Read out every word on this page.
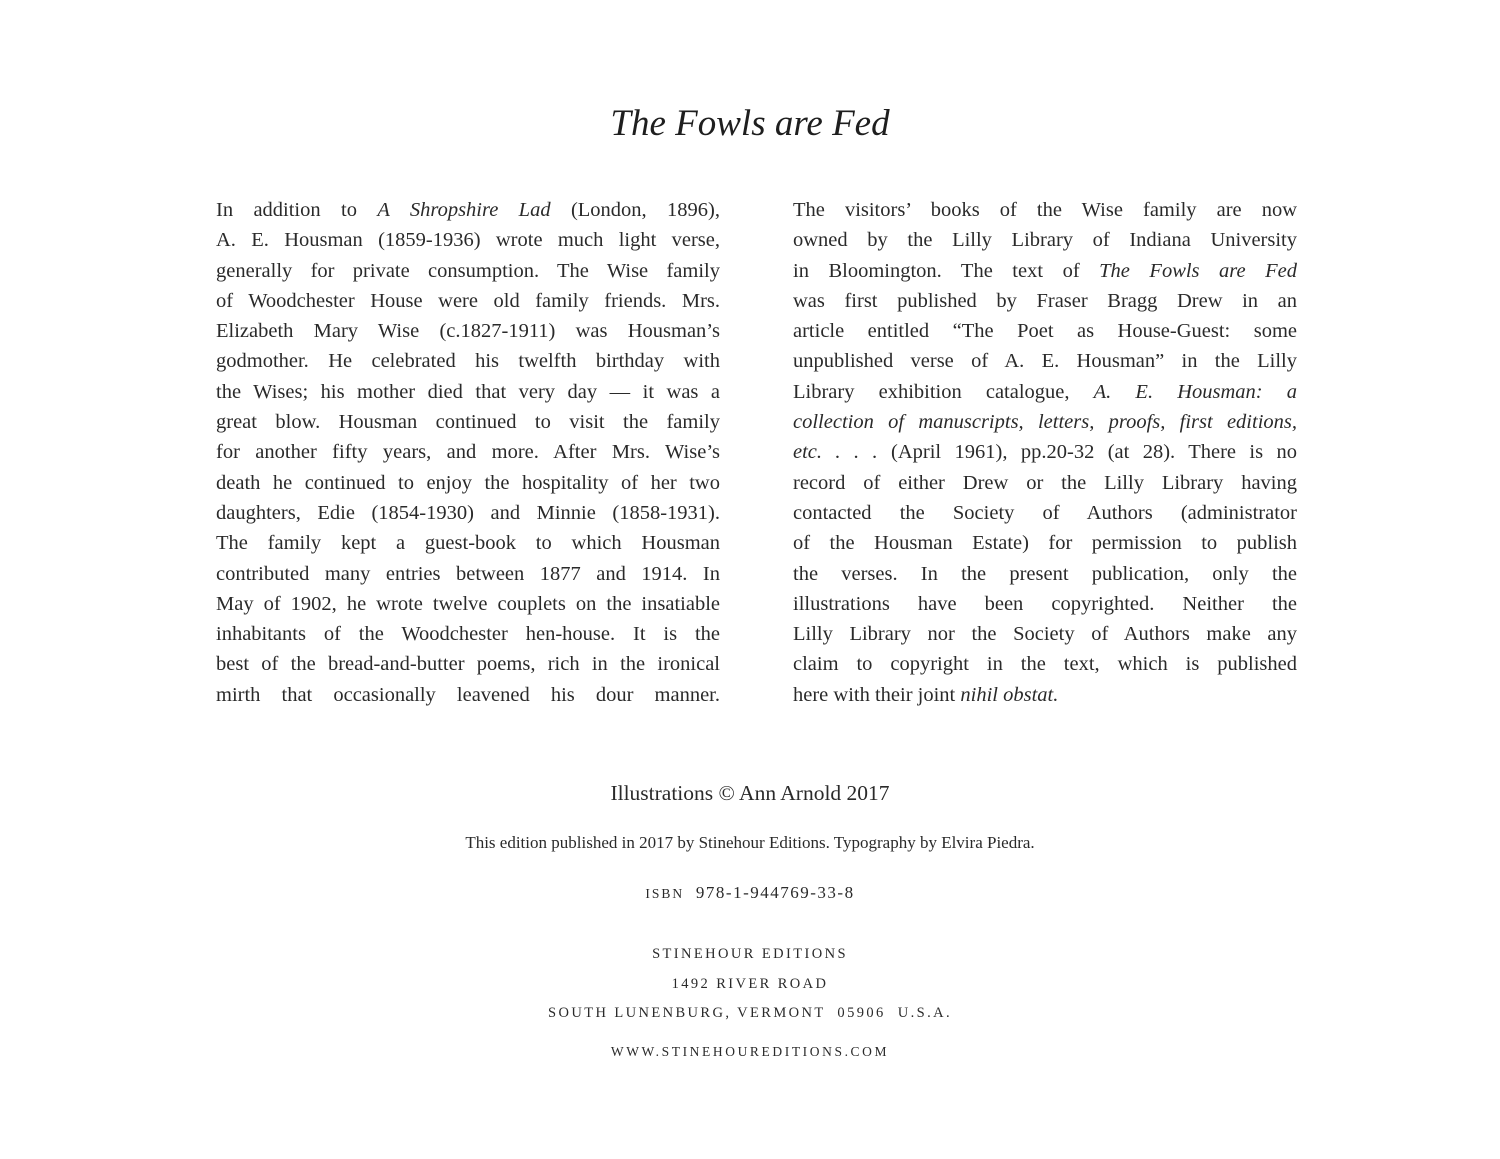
The Fowls are Fed
In addition to A Shropshire Lad (London, 1896),
A. E. Housman (1859-1936) wrote much light verse,
generally for private consumption. The Wise family
of Woodchester House were old family friends. Mrs.
Elizabeth Mary Wise (c.1827-1911) was Housman’s
godmother. He celebrated his twelfth birthday with
the Wises; his mother died that very day — it was a
great blow. Housman continued to visit the family
for another fifty years, and more. After Mrs. Wise’s
death he continued to enjoy the hospitality of her two
daughters, Edie (1854-1930) and Minnie (1858-1931).
The family kept a guest-book to which Housman
contributed many entries between 1877 and 1914. In
May of 1902, he wrote twelve couplets on the insatiable
inhabitants of the Woodchester hen-house. It is the
best of the bread-and-butter poems, rich in the ironical
mirth that occasionally leavened his dour manner.
The visitors’ books of the Wise family are now
owned by the Lilly Library of Indiana University
in Bloomington. The text of The Fowls are Fed
was first published by Fraser Bragg Drew in an
article entitled “The Poet as House-Guest: some
unpublished verse of A. E. Housman” in the Lilly
Library exhibition catalogue, A. E. Housman: a
collection of manuscripts, letters, proofs, first editions,
etc. . . . (April 1961), pp.20-32 (at 28). There is no
record of either Drew or the Lilly Library having
contacted the Society of Authors (administrator
of the Housman Estate) for permission to publish
the verses. In the present publication, only the
illustrations have been copyrighted. Neither the
Lilly Library nor the Society of Authors make any
claim to copyright in the text, which is published
here with their joint nihil obstat.
Illustrations © Ann Arnold 2017
This edition published in 2017 by Stinehour Editions. Typography by Elvira Piedra.
ISBN 978-1-944769-33-8
STINEHOUR EDITIONS
1492 RIVER ROAD
SOUTH LUNENBURG, VERMONT  05906  U.S.A.
WWW.STINEHOUREDITIONS.COM
